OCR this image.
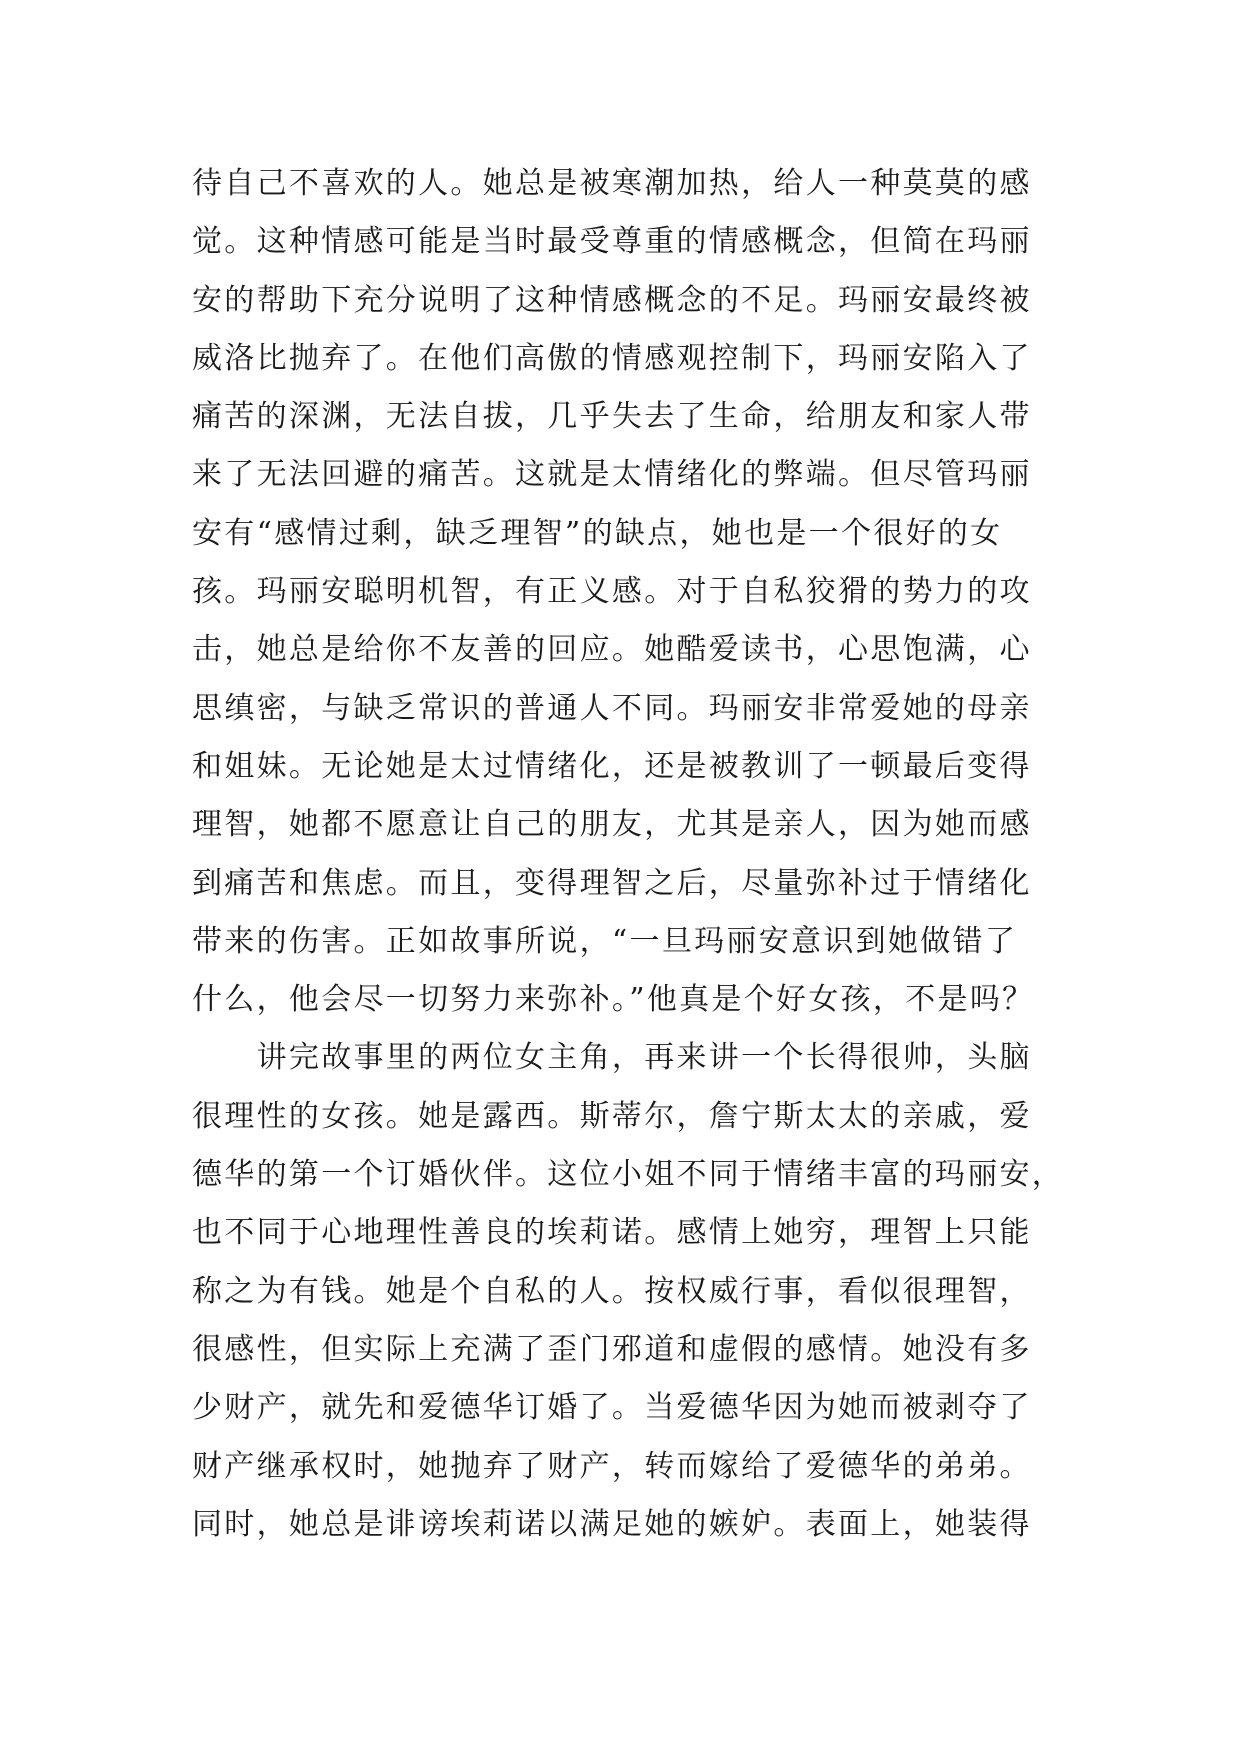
待自己不喜欢的人。她总是被寒潮加热，给人一种莫莫的感
觉。这种情感可能是当时最受尊重的情感概念，但简在玛丽
安的帮助下充分说明了这种情感概念的不足。玛丽安最终被
威洛比抛弃了。在他们高傲的情感观控制下，玛丽安陷入了
痛苦的深渊，无法自拔，几乎失去了生命，给朋友和家人带
来了无法回避的痛苦。这就是太情绪化的弊端。但尽管玛丽
安有“感情过剩，缺乏理智”的缺点，她也是一个很好的女
孩。玛丽安聪明机智，有正义感。对于自私狡猾的势力的攻
击，她总是给你不友善的回应。她酷爱读书，心思饱满，心
思缜密，与缺乏常识的普通人不同。玛丽安非常爱她的母亲
和姐妹。无论她是太过情绪化，还是被教训了一顿最后变得
理智，她都不愿意让自己的朋友，尤其是亲人，因为她而感
到痛苦和焦虑。而且，变得理智之后，尽量弥补过于情绪化
带来的伤害。正如故事所说，“一旦玛丽安意识到她做错了
什么，他会尽一切努力来弥补。”他真是个好女孩，不是吗？
　　讲完故事里的两位女主角，再来讲一个长得很帅，头脑
很理性的女孩。她是露西。斯蒂尔，詹宁斯太太的亲戚，爱
德华的第一个订婚伙伴。这位小姐不同于情绪丰富的玛丽安，
也不同于心地理性善良的埃莉诺。感情上她穷，理智上只能
称之为有钱。她是个自私的人。按权威行事，看似很理智，
很感性，但实际上充满了歪门邪道和虚假的感情。她没有多
少财产，就先和爱德华订婚了。当爱德华因为她而被剥夺了
财产继承权时，她抛弃了财产，转而嫁给了爱德华的弟弟。
同时，她总是诽谤埃莉诺以满足她的嫉妒。表面上，她装得
